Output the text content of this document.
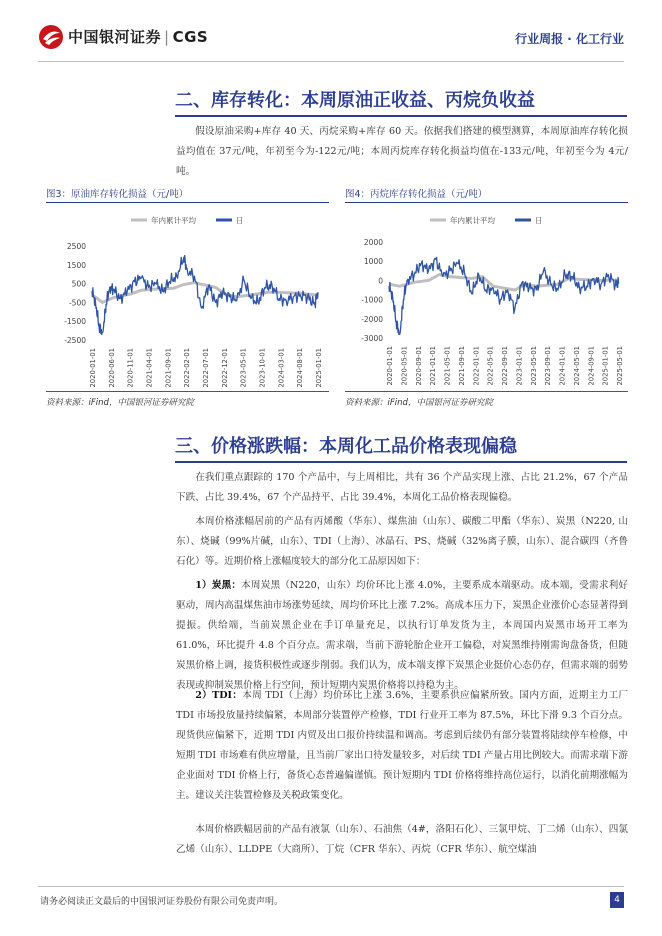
中国银河证券 | CGS	行业周报 · 化工行业
二、库存转化：本周原油正收益、丙烷负收益
假设原油采购+库存 40 天、丙烷采购+库存 60 天。依据我们搭建的模型测算，本周原油库存转化损益均值在 37元/吨，年初至今为-122元/吨；本周丙烷库存转化损益均值在-133元/吨，年初至今为 4元/吨。
图3：原油库存转化损益（元/吨）
年内累计平均	日
2500
1500
500
-500
-1500
-2500
2020-01-01 2020-06-01 2020-11-01 2021-04-01 2021-09-01 2022-02-01 2022-07-01 2022-12-01 2023-05-01 2023-10-01 2024-03-01 2024-08-01 2025-01-01
资料来源：iFind，中国银河证券研究院
图4：丙烷库存转化损益（元/吨）
年内累计平均	日
2000
1000
0
-1000
-2000
-3000
2020-01-01 2020-05-01 2020-09-01 2021-01-01 2021-05-01 2021-09-01 2022-01-01 2022-05-01 2022-09-01 2023-01-01 2023-05-01 2023-09-01 2024-01-01 2024-05-01 2024-09-01 2025-01-01 2025-05-01
资料来源：iFind，中国银河证券研究院
三、价格涨跌幅：本周化工品价格表现偏稳
在我们重点跟踪的 170 个产品中，与上周相比，共有 36 个产品实现上涨、占比 21.2%，67 个产品下跌、占比 39.4%，67 个产品持平、占比 39.4%，本周化工品价格表现偏稳。
本周价格涨幅居前的产品有丙烯酸（华东）、煤焦油（山东）、碳酸二甲酯（华东）、炭黑（N220, 山东）、烧碱（99%片碱，山东）、TDI（上海）、冰晶石、PS、烧碱（32%离子膜，山东）、混合碳四（齐鲁石化）等。近期价格上涨幅度较大的部分化工品原因如下：
1）炭黑：本周炭黑（N220，山东）均价环比上涨 4.0%，主要系成本端驱动。成本端，受需求利好驱动，周内高温煤焦油市场涨势延续，周均价环比上涨 7.2%。高成本压力下，炭黑企业涨价心态显著得到提振。供给端，当前炭黑企业在手订单量充足，以执行订单发货为主，本周国内炭黑市场开工率为 61.0%，环比提升 4.8 个百分点。需求端，当前下游轮胎企业开工偏稳，对炭黑维持刚需询盘备货，但随炭黑价格上调，接货积极性或逐步削弱。我们认为，成本端支撑下炭黑企业挺价心态仍存，但需求端的弱势表现或抑制炭黑价格上行空间，预计短期内炭黑价格将以持稳为主。
2）TDI：本周 TDI（上海）均价环比上涨 3.6%，主要系供应偏紧所致。国内方面，近期主力工厂 TDI 市场投放量持续偏紧，本周部分装置停产检修，TDI 行业开工率为 87.5%，环比下滑 9.3 个百分点。现货供应偏紧下，近期 TDI 内贸及出口报价持续温和调高。考虑到后续仍有部分装置将陆续停车检修，中短期 TDI 市场难有供应增量，且当前厂家出口待发量较多，对后续 TDI 产量占用比例较大。而需求端下游企业面对 TDI 价格上行，备货心态普遍偏谨慎。预计短期内 TDI 价格将维持高位运行，以消化前期涨幅为主。建议关注装置检修及关税政策变化。
本周价格跌幅居前的产品有液氯（山东）、石油焦（4#，洛阳石化）、三氯甲烷、丁二烯（山东）、四氯乙烯（山东）、LLDPE（大商所）、丁烷（CFR 华东）、丙烷（CFR 华东）、航空煤油
请务必阅读正文最后的中国银河证券股份有限公司免责声明。	4
